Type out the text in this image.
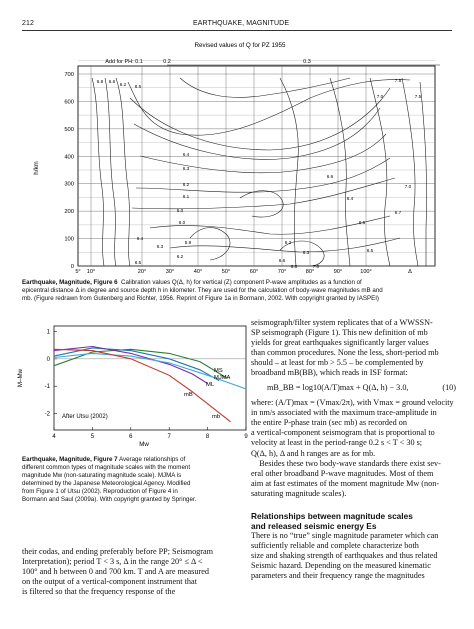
212	EARTHQUAKE, MAGNITUDE
Revised values of Q for PZ 1955
Add for PH: 0.1	0.2	0.3
700
600
500
400
300
200
100
0
5° 10°	20°	30°	40°	50°	60°	70°	80°	90°	100°	Δ
6.8 6.6
6.2 6.5
6.4
6.3
6.2
6.1
6.0
6.0
5.9
6.2
6.3
6.4
6.5
6.6
6.4
6.5
6.7
7.0
7.5
7.0
7.5
6.5
6.2
6.3
6.6
6.8	7.0
h/km
Earthquake, Magnitude, Figure 6 Calibration values Q(Δ, h) for vertical (Z) component P-wave amplitudes as a function of
epicentral distance Δ in degree and source depth h in kilometer. They are used for the calculation of body-wave magnitudes mB and
mb. (Figure redrawn from Gutenberg and Richter, 1956. Reprint of Figure 1a in Bormann, 2002. With copyright granted by IASPEI)
1
0
-1
-2
4	5	6	7	8	9
MS
MJMA
ML
mB
mb
After Utsu (2002)
M–Mw
Mw
Earthquake, Magnitude, Figure 7 Average relationships of
different common types of magnitude scales with the moment
magnitude Mw (non-saturating magnitude scale). MJMA is
determined by the Japanese Meteorological Agency. Modified
from Figure 1 of Utsu (2002). Reproduction of Figure 4 in
Bormann and Saul (2009a). With copyright granted by Springer.
their codas, and ending preferably before PP; Seismogram
Interpretation); period T < 3 s, Δ in the range 20° ≤ Δ <
100° and h between 0 and 700 km. T and A are measured
on the output of a vertical-component instrument that
is filtered so that the frequency response of the
seismograph/filter system replicates that of a WWSSN-
SP seismograph (Figure 1). This new definition of mb
yields for great earthquakes significantly larger values
than common procedures. None the less, short-period mb
should – at least for mb > 5.5 – be complemented by
broadband mB(BB), which reads in ISF format:
mB_BB = log10(A/T)max + Q(Δ, h) − 3.0,	(10)
where: (A/T)max = (Vmax/2π), with Vmax = ground velocity
in nm/s associated with the maximum trace-amplitude in
the entire P-phase train (sec mb) as recorded on
a vertical-component seismogram that is proportional to
velocity at least in the period-range 0.2 s < T < 30 s;
Q(Δ, h), Δ and h ranges are as for mb.
Besides these two body-wave standards there exist sev-
eral other broadband P-wave magnitudes. Most of them
aim at fast estimates of the moment magnitude Mw (non-
saturating magnitude scales).
Relationships between magnitude scales
and released seismic energy Es
There is no “true” single magnitude parameter which can
sufficiently reliable and complete characterize both
size and shaking strength of earthquakes and thus related
Seismic hazard. Depending on the measured kinematic
parameters and their frequency range the magnitudes
